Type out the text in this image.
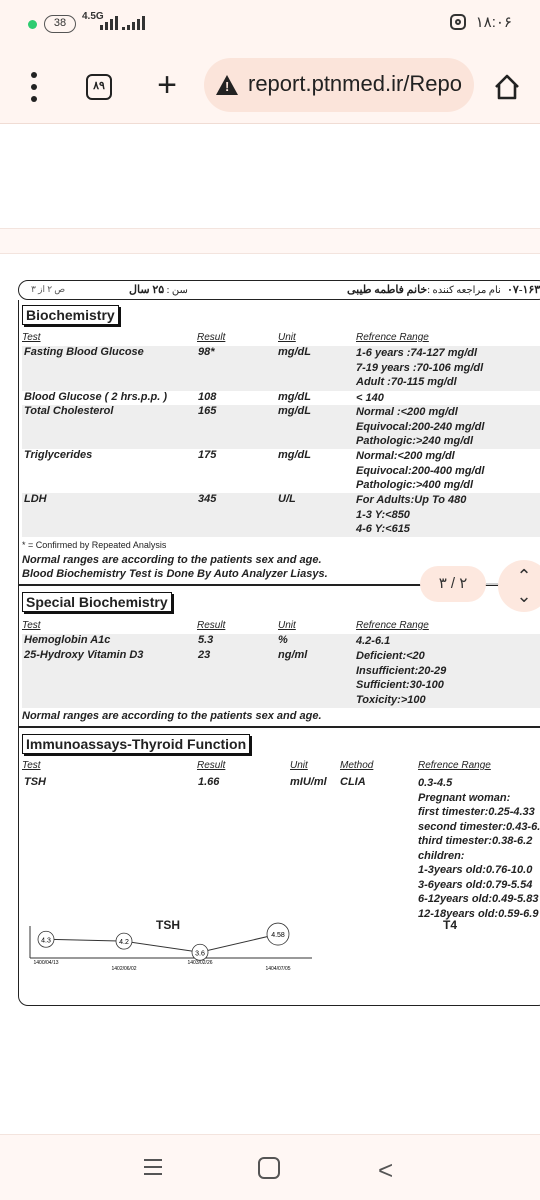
38
4.5G	۱۸:۰۶
۸۹ + !	report.ptnmed.ir/Repo
ص ۲ از ۳	سن : ۲۵ سال	نام مراجعه کننده :خانم فاطمه طیبی	۰۷-۱۶۳
Biochemistry
Test	Result	Unit	Refrence Range
Fasting Blood Glucose	98*	mg/dL	1-6 years :74-127 mg/dl
7-19 years :70-106 mg/dl
Adult :70-115 mg/dl
Blood Glucose ( 2 hrs.p.p. )	108	mg/dL	< 140
Total Cholesterol	165	mg/dL	Normal :<200 mg/dl
Equivocal:200-240 mg/dl
Pathologic:>240 mg/dl
Triglycerides	175	mg/dL	Normal:<200 mg/dl
Equivocal:200-400 mg/dl
Pathologic:>400 mg/dl
LDH	345	U/L	For Adults:Up To 480
1-3 Y:<850
4-6 Y:<615
* = Confirmed by Repeated Analysis
Normal ranges are according to the patients sex and age.
Blood Biochemistry Test is Done By Auto Analyzer Liasys.
Special Biochemistry
Test	Result	Unit	Refrence Range
Hemoglobin A1c	5.3	%	4.2-6.1
25-Hydroxy Vitamin D3	23	ng/ml	Deficient:<20
Insufficient:20-29
Sufficient:30-100
Toxicity:>100
Normal ranges are according to the patients sex and age.
Immunoassays-Thyroid Function
Test	Result	Unit	Method	Refrence Range
TSH	1.66	mIU/ml CLIA	0.3-4.5
Pregnant woman:
first timester:0.25-4.33
second timester:0.43-6.
third timester:0.38-6.2
children:
1-3years old:0.76-10.0
3-6years old:0.79-5.54
6-12years old:0.49-5.83
12-18years old:0.59-6.9
T4
TSH
4.3
1400/04/13
4.2
1402/06/02
3.6
1403/02/26
4.58
1404/07/05
۳ / ۲	⌃
⌄
<
